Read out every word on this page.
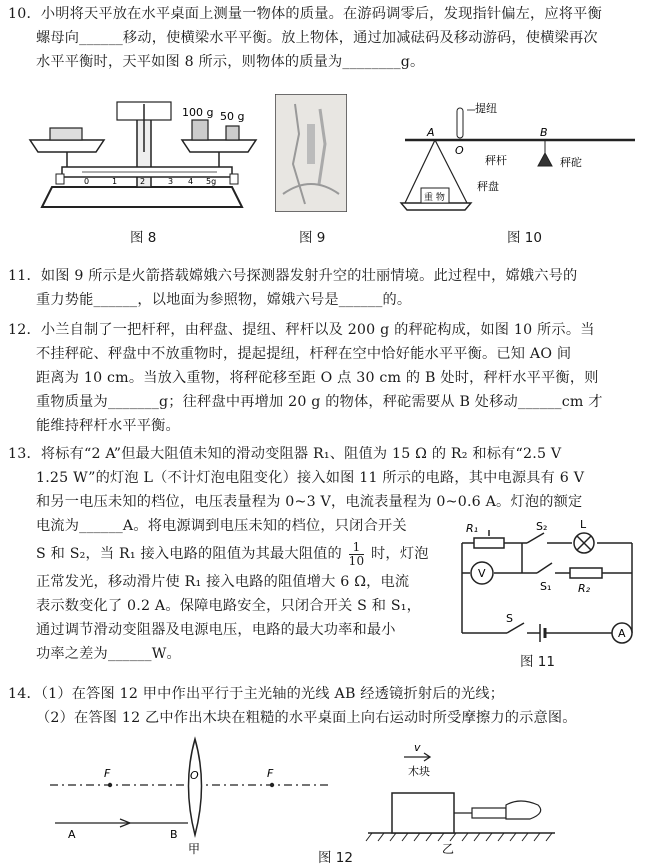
10．小明将天平放在水平桌面上测量一物体的质量。在游码调零后，发现指针偏左，应将平衡
螺母向______移动，使横梁水平平衡。放上物体，通过加减砝码及移动游码，使横梁再次
水平平衡时，天平如图 8 所示，则物体的质量为________g。
0	1	2	3 4 5g
100 g 50 g
图 8	图 9
提纽
A
O
B
重 物
秤砣
秤杆
秤盘
图 10
11．如图 9 所示是火箭搭载嫦娥六号探测器发射升空的壮丽情境。此过程中，嫦娥六号的
重力势能______，以地面为参照物，嫦娥六号是______的。
12．小兰自制了一把杆秤，由秤盘、提纽、秤杆以及 200 g 的秤砣构成，如图 10 所示。当
不挂秤砣、秤盘中不放重物时，提起提纽，杆秤在空中恰好能水平平衡。已知 AO 间
距离为 10 cm。当放入重物，将秤砣移至距 O 点 30 cm 的 B 处时，秤杆水平平衡，则
重物质量为_______g；往秤盘中再增加 20 g 的物体，秤砣需要从 B 处移动______cm 才
能维持秤杆水平平衡。
13．将标有“2 A”但最大阻值未知的滑动变阻器 R₁、阻值为 15 Ω 的 R₂ 和标有“2.5 V
1.25 W”的灯泡 L（不计灯泡电阻变化）接入如图 11 所示的电路，其中电源具有 6 V
和另一电压未知的档位，电压表量程为 0~3 V，电流表量程为 0~0.6 A。灯泡的额定
电流为______A。将电源调到电压未知的档位，只闭合开关
S 和 S₂，当 R₁ 接入电路的阻值为其最大阻值的 $\frac{1}{10}$ 时，灯泡
正常发光，移动滑片使 R₁ 接入电路的阻值增大 6 Ω，电流
表示数变化了 0.2 A。保障电路安全，只闭合开关 S 和 S₁，
通过调节滑动变阻器及电源电压，电路的最大功率和最小
功率之差为______W。
R₁	S₂	L
V
S₁ R₂
S
A
图 11
14．（1）在答图 12 甲中作出平行于主光轴的光线 AB 经透镜折射后的光线；
（2）在答图 12 乙中作出木块在粗糙的水平桌面上向右运动时所受摩擦力的示意图。
F	O	F
A	B
甲
v
木块
乙
图 12
